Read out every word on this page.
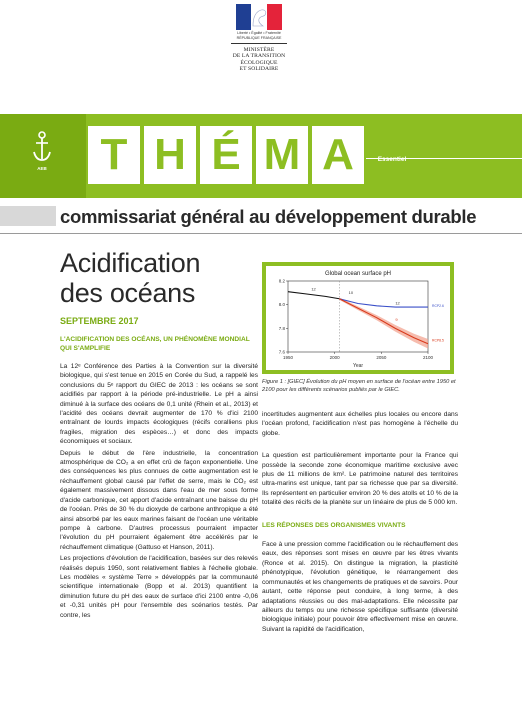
Liberté • Égalité • Fraternité
RÉPUBLIQUE FRANÇAISE
MINISTÈRE
DE LA TRANSITION
ÉCOLOGIQUE
ET SOLIDAIRE
AEB T H É M A	Essentiel
commissariat général au développement durable
Acidification
des océans
SEPTEMBRE 2017
L'ACIDIFICATION DES OCÉANS, UN PHÉNOMÈNE MONDIAL QUI S'AMPLIFIE

La 12ᵉ Conférence des Parties à la Convention sur la diversité biologique, qui s'est tenue en 2015 en Corée du Sud, a rappelé les conclusions du 5ᵉ rapport du GIEC de 2013 : les océans se sont acidifiés par rapport à la période pré-industrielle. Le pH a ainsi diminué à la surface des océans de 0,1 unité (Rhein et al., 2013) et l'acidité des océans devrait augmenter de 170 % d'ici 2100 entraînant de lourds impacts écologiques (récifs coralliens plus fragiles, migration des espèces…) et donc des impacts économiques et sociaux.

Depuis le début de l'ère industrielle, la concentration atmosphérique de CO₂ a en effet crû de façon exponentielle. Une des conséquences les plus connues de cette augmentation est le réchauffement global causé par l'effet de serre, mais le CO₂ est également massivement dissous dans l'eau de mer sous forme d'acide carbonique, cet apport d'acide entraînant une baisse du pH de l'océan. Près de 30 % du dioxyde de carbone anthropique a été ainsi absorbé par les eaux marines faisant de l'océan une véritable pompe à carbone. D'autres processus pourraient impacter l'évolution du pH pourraient également être accélérés par le réchauffement climatique (Gattuso et Hanson, 2011).

Les projections d'évolution de l'acidification, basées sur des relevés réalisés depuis 1950, sont relativement fiables à l'échelle globale. Les modèles « système Terre » développés par la communauté scientifique internationale (Bopp et al. 2013) quantifient la diminution future du pH des eaux de surface d'ici 2100 entre -0,06 et -0,31 unités pH pour l'ensemble des scénarios testés. Par contre, les

Global ocean surface pH
1950	2000	2050	2100
7.6
7.8
8.0
8.2
Year
12
10
12
9
RCP2.6
RCP8.5
Figure 1 : [GIEC] Évolution du pH moyen en surface de l'océan entre 1950 et 2100 pour les différents scénarios publiés par le GIEC.

incertitudes augmentent aux échelles plus locales ou encore dans l'océan profond, l'acidification n'est pas homogène à l'échelle du globe.

La question est particulièrement importante pour la France qui possède la seconde zone économique maritime exclusive avec plus de 11 millions de km². Le patrimoine naturel des territoires ultra-marins est unique, tant par sa richesse que par sa diversité. Ils représentent en particulier environ 20 % des atolls et 10 % de la totalité des récifs de la planète sur un linéaire de plus de 5 000 km.

LES RÉPONSES DES ORGANISMES VIVANTS

Face à une pression comme l'acidification ou le réchauffement des eaux, des réponses sont mises en œuvre par les êtres vivants (Ronce et al. 2015). On distingue la migration, la plasticité phénotypique, l'évolution génétique, le réarrangement des communautés et les changements de pratiques et de savoirs. Pour autant, cette réponse peut conduire, à long terme, à des adaptations réussies ou des mal-adaptations. Elle nécessite par ailleurs du temps ou une richesse spécifique suffisante (diversité biologique initiale) pour pouvoir être effectivement mise en œuvre. Suivant la rapidité de l'acidification,
